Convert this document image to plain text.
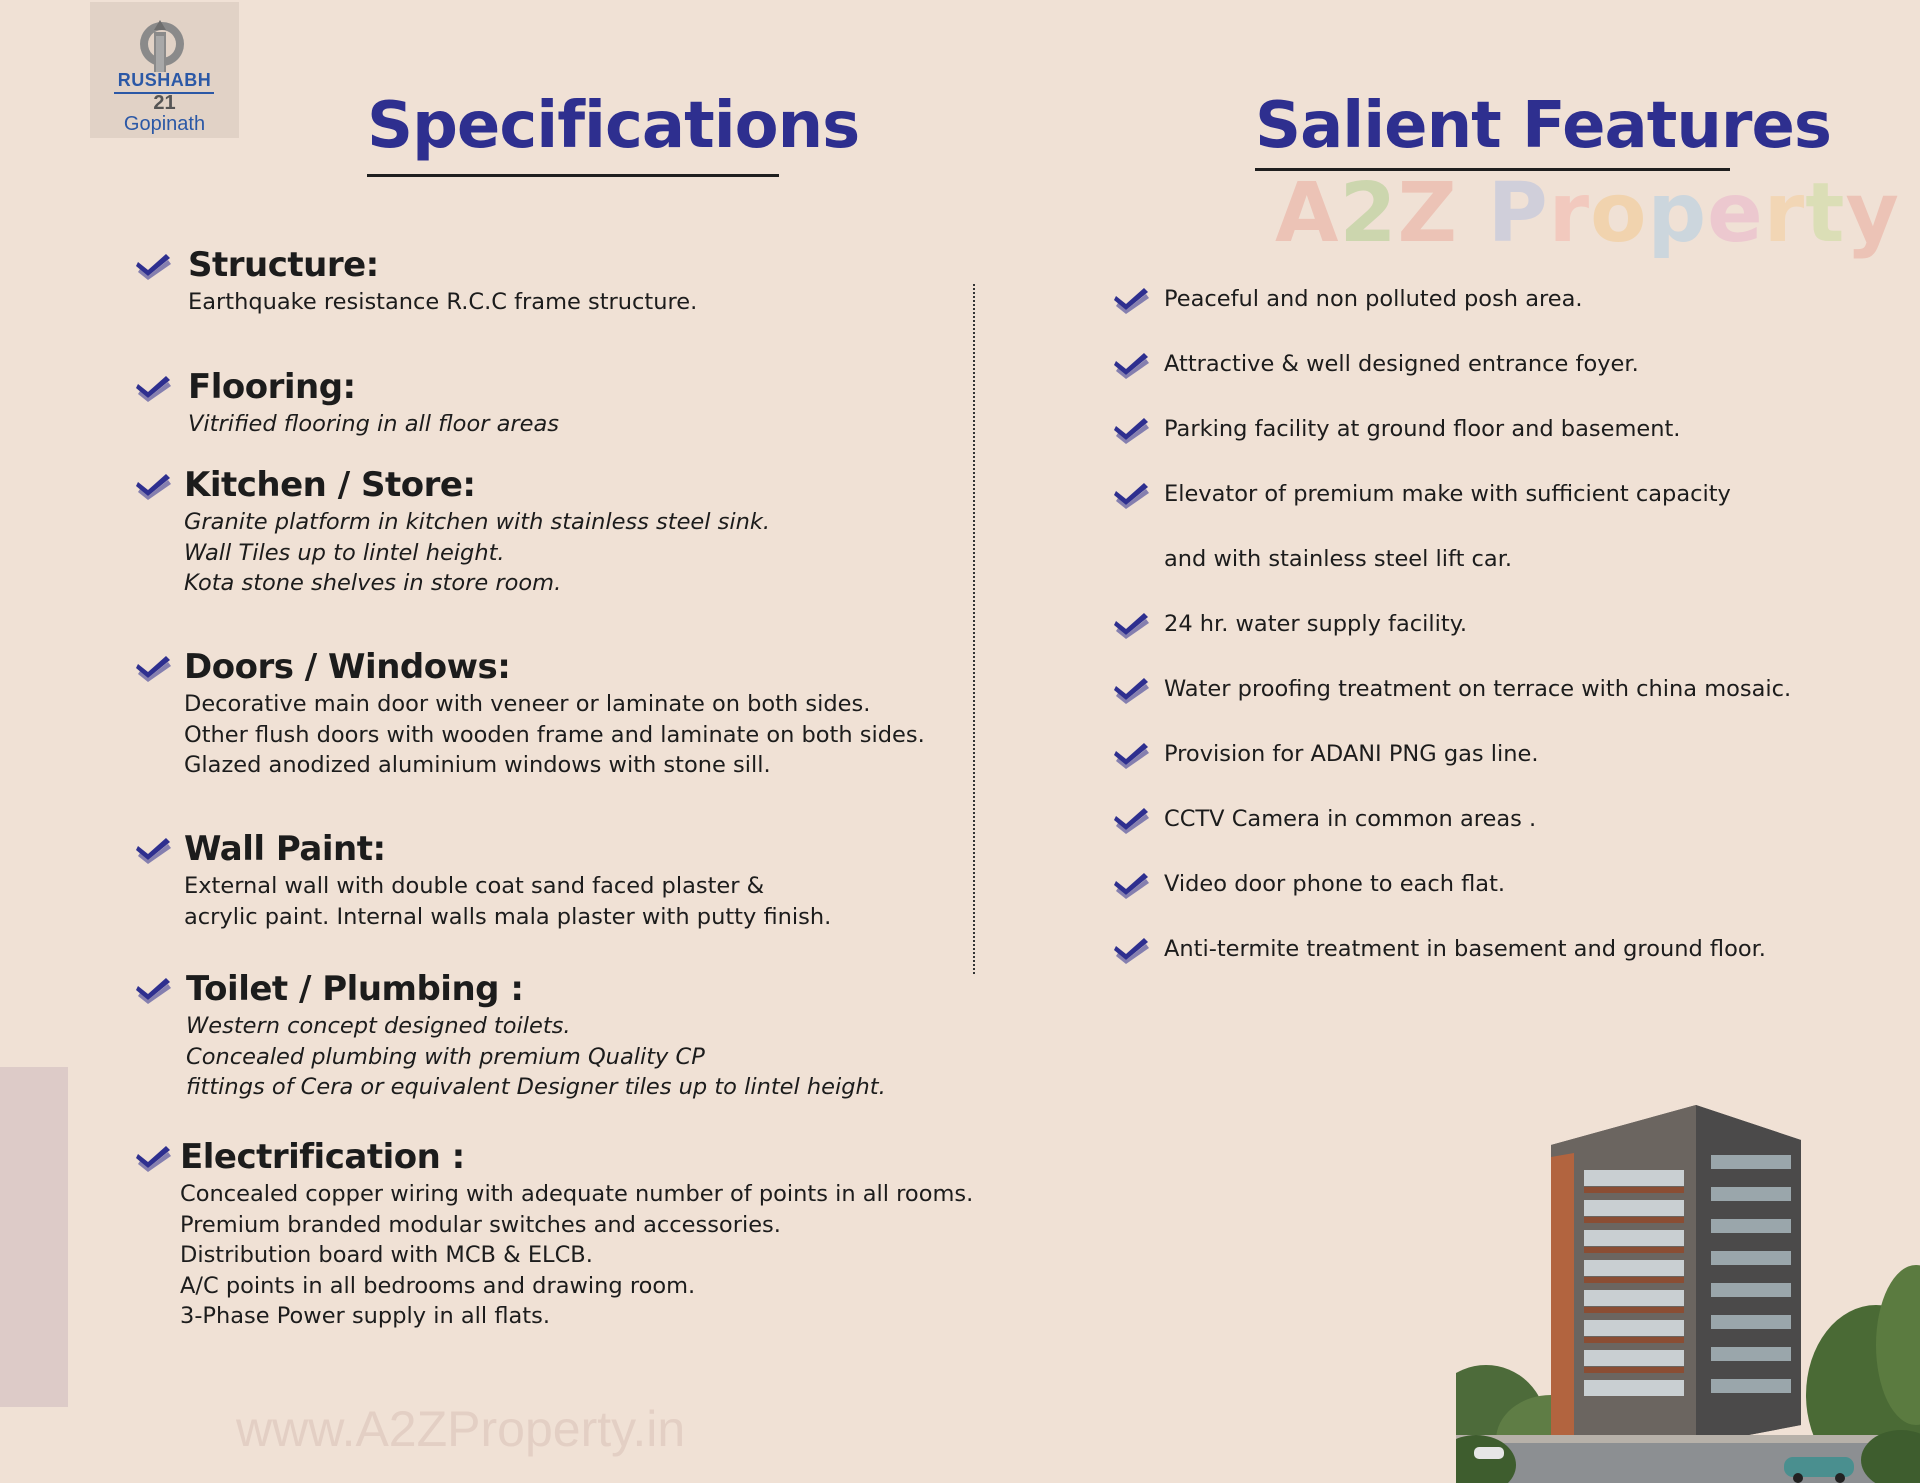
RUSHABH
21
Gopinath	Specifications	Salient Features
A2Z Property
Structure:
Earthquake resistance R.C.C frame structure.
Flooring:
Vitrified flooring in all floor areas
Kitchen / Store:
Granite platform in kitchen with stainless steel sink.
Wall Tiles up to lintel height.
Kota stone shelves in store room.
Doors / Windows:
Decorative main door with veneer or laminate on both sides.
Other flush doors with wooden frame and laminate on both sides.
Glazed anodized aluminium windows with stone sill.
Wall Paint:
External wall with double coat sand faced plaster &
acrylic paint. Internal walls mala plaster with putty finish.
Toilet / Plumbing :
Western concept designed toilets.
Concealed plumbing with premium Quality CP
fittings of Cera or equivalent Designer tiles up to lintel height.
Electrification :
Concealed copper wiring with adequate number of points in all rooms.
Premium branded modular switches and accessories.
Distribution board with MCB & ELCB.
A/C points in all bedrooms and drawing room.
3-Phase Power supply in all flats.
Peaceful and non polluted posh area.
Attractive & well designed entrance foyer.
Parking facility at ground floor and basement.
Elevator of premium make with sufficient capacity
and with stainless steel lift car.
24 hr. water supply facility.
Water proofing treatment on terrace with china mosaic.
Provision for ADANI PNG gas line.
CCTV Camera in common areas .
Video door phone to each flat.
Anti-termite treatment in basement and ground floor.
www.A2ZProperty.in
